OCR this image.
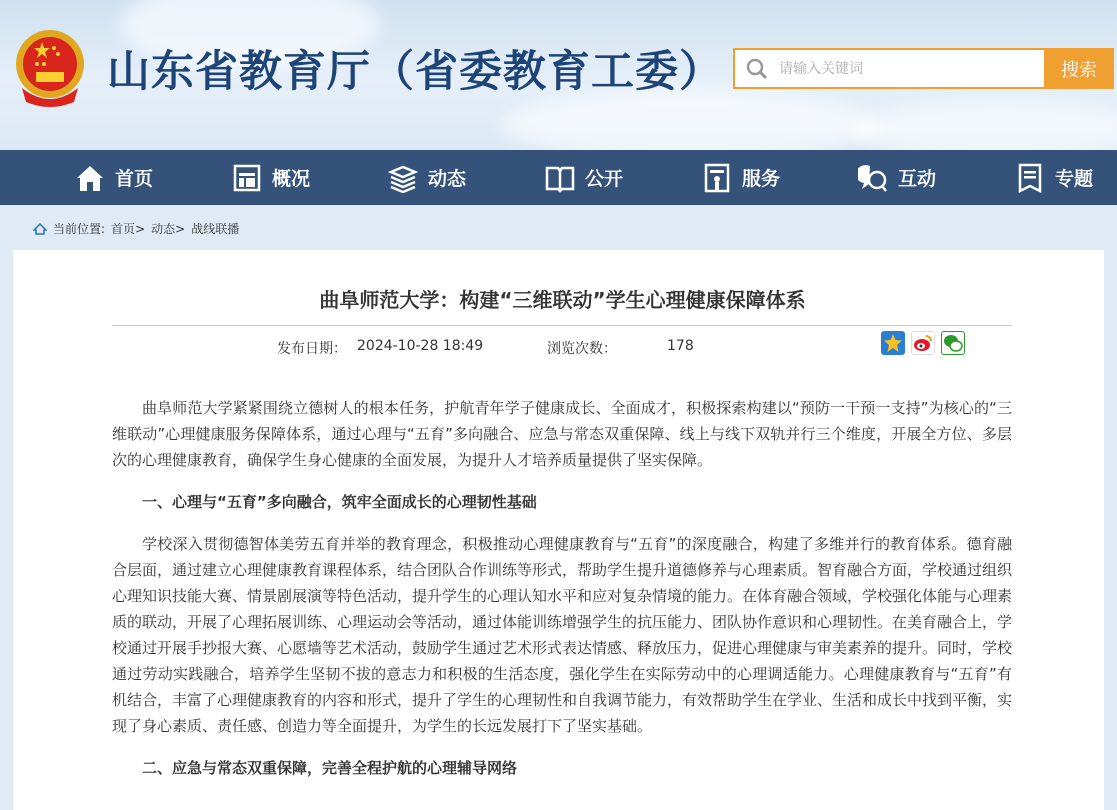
山东省教育厅（省委教育工委）
请输入关键词	搜索
首页	概况	动态	公开	服务	互动	专题
当前位置: 首页> 动态> 战线联播
曲阜师范大学：构建“三维联动”学生心理健康保障体系
发布日期： 2024-10-28 18:49	浏览次数：	178

曲阜师范大学紧紧围绕立德树人的根本任务，护航青年学子健康成长、全面成才，积极探索构建以“预防一干预一支持”为核心的“三维联动”心理健康服务保障体系，通过心理与“五育”多向融合、应急与常态双重保障、线上与线下双轨并行三个维度，开展全方位、多层次的心理健康教育，确保学生身心健康的全面发展，为提升人才培养质量提供了坚实保障。

一、心理与“五育”多向融合，筑牢全面成长的心理韧性基础

学校深入贯彻德智体美劳五育并举的教育理念，积极推动心理健康教育与“五育”的深度融合，构建了多维并行的教育体系。德育融合层面，通过建立心理健康教育课程体系，结合团队合作训练等形式，帮助学生提升道德修养与心理素质。智育融合方面，学校通过组织心理知识技能大赛、情景剧展演等特色活动，提升学生的心理认知水平和应对复杂情境的能力。在体育融合领域，学校强化体能与心理素质的联动，开展了心理拓展训练、心理运动会等活动，通过体能训练增强学生的抗压能力、团队协作意识和心理韧性。在美育融合上，学校通过开展手抄报大赛、心愿墙等艺术活动，鼓励学生通过艺术形式表达情感、释放压力，促进心理健康与审美素养的提升。同时，学校通过劳动实践融合，培养学生坚韧不拔的意志力和积极的生活态度，强化学生在实际劳动中的心理调适能力。心理健康教育与“五育”有机结合，丰富了心理健康教育的内容和形式，提升了学生的心理韧性和自我调节能力，有效帮助学生在学业、生活和成长中找到平衡，实现了身心素质、责任感、创造力等全面提升，为学生的长远发展打下了坚实基础。

二、应急与常态双重保障，完善全程护航的心理辅导网络
